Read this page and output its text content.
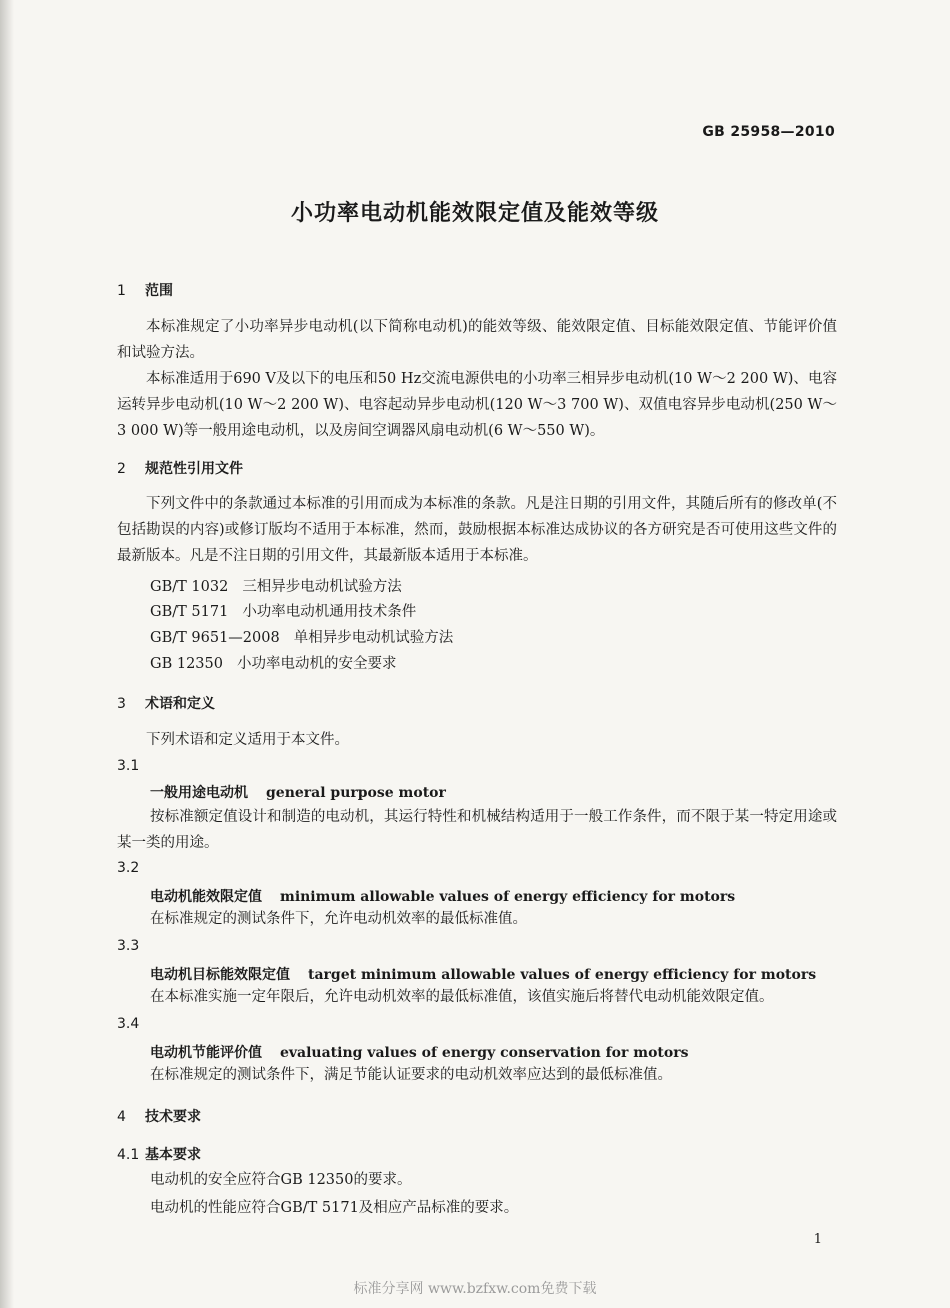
GB 25958—2010
小功率电动机能效限定值及能效等级
1 范围
本标准规定了小功率异步电动机(以下简称电动机)的能效等级、能效限定值、目标能效限定值、节能评价值和试验方法。
本标准适用于690 V及以下的电压和50 Hz交流电源供电的小功率三相异步电动机(10 W～2 200 W)、电容运转异步电动机(10 W～2 200 W)、电容起动异步电动机(120 W～3 700 W)、双值电容异步电动机(250 W～3 000 W)等一般用途电动机，以及房间空调器风扇电动机(6 W～550 W)。
2 规范性引用文件
下列文件中的条款通过本标准的引用而成为本标准的条款。凡是注日期的引用文件，其随后所有的修改单(不包括勘误的内容)或修订版均不适用于本标准，然而，鼓励根据本标准达成协议的各方研究是否可使用这些文件的最新版本。凡是不注日期的引用文件，其最新版本适用于本标准。
GB/T 1032 三相异步电动机试验方法
GB/T 5171 小功率电动机通用技术条件
GB/T 9651—2008 单相异步电动机试验方法
GB 12350 小功率电动机的安全要求
3 术语和定义
下列术语和定义适用于本文件。
3.1
一般用途电动机 general purpose motor
按标准额定值设计和制造的电动机，其运行特性和机械结构适用于一般工作条件，而不限于某一特定用途或某一类的用途。
3.2
电动机能效限定值 minimum allowable values of energy efficiency for motors
在标准规定的测试条件下，允许电动机效率的最低标准值。
3.3
电动机目标能效限定值 target minimum allowable values of energy efficiency for motors
在本标准实施一定年限后，允许电动机效率的最低标准值，该值实施后将替代电动机能效限定值。
3.4
电动机节能评价值 evaluating values of energy conservation for motors
在标准规定的测试条件下，满足节能认证要求的电动机效率应达到的最低标准值。
4 技术要求
4.1 基本要求
电动机的安全应符合GB 12350的要求。
电动机的性能应符合GB/T 5171及相应产品标准的要求。
1
标准分享网 www.bzfxw.com免费下载
